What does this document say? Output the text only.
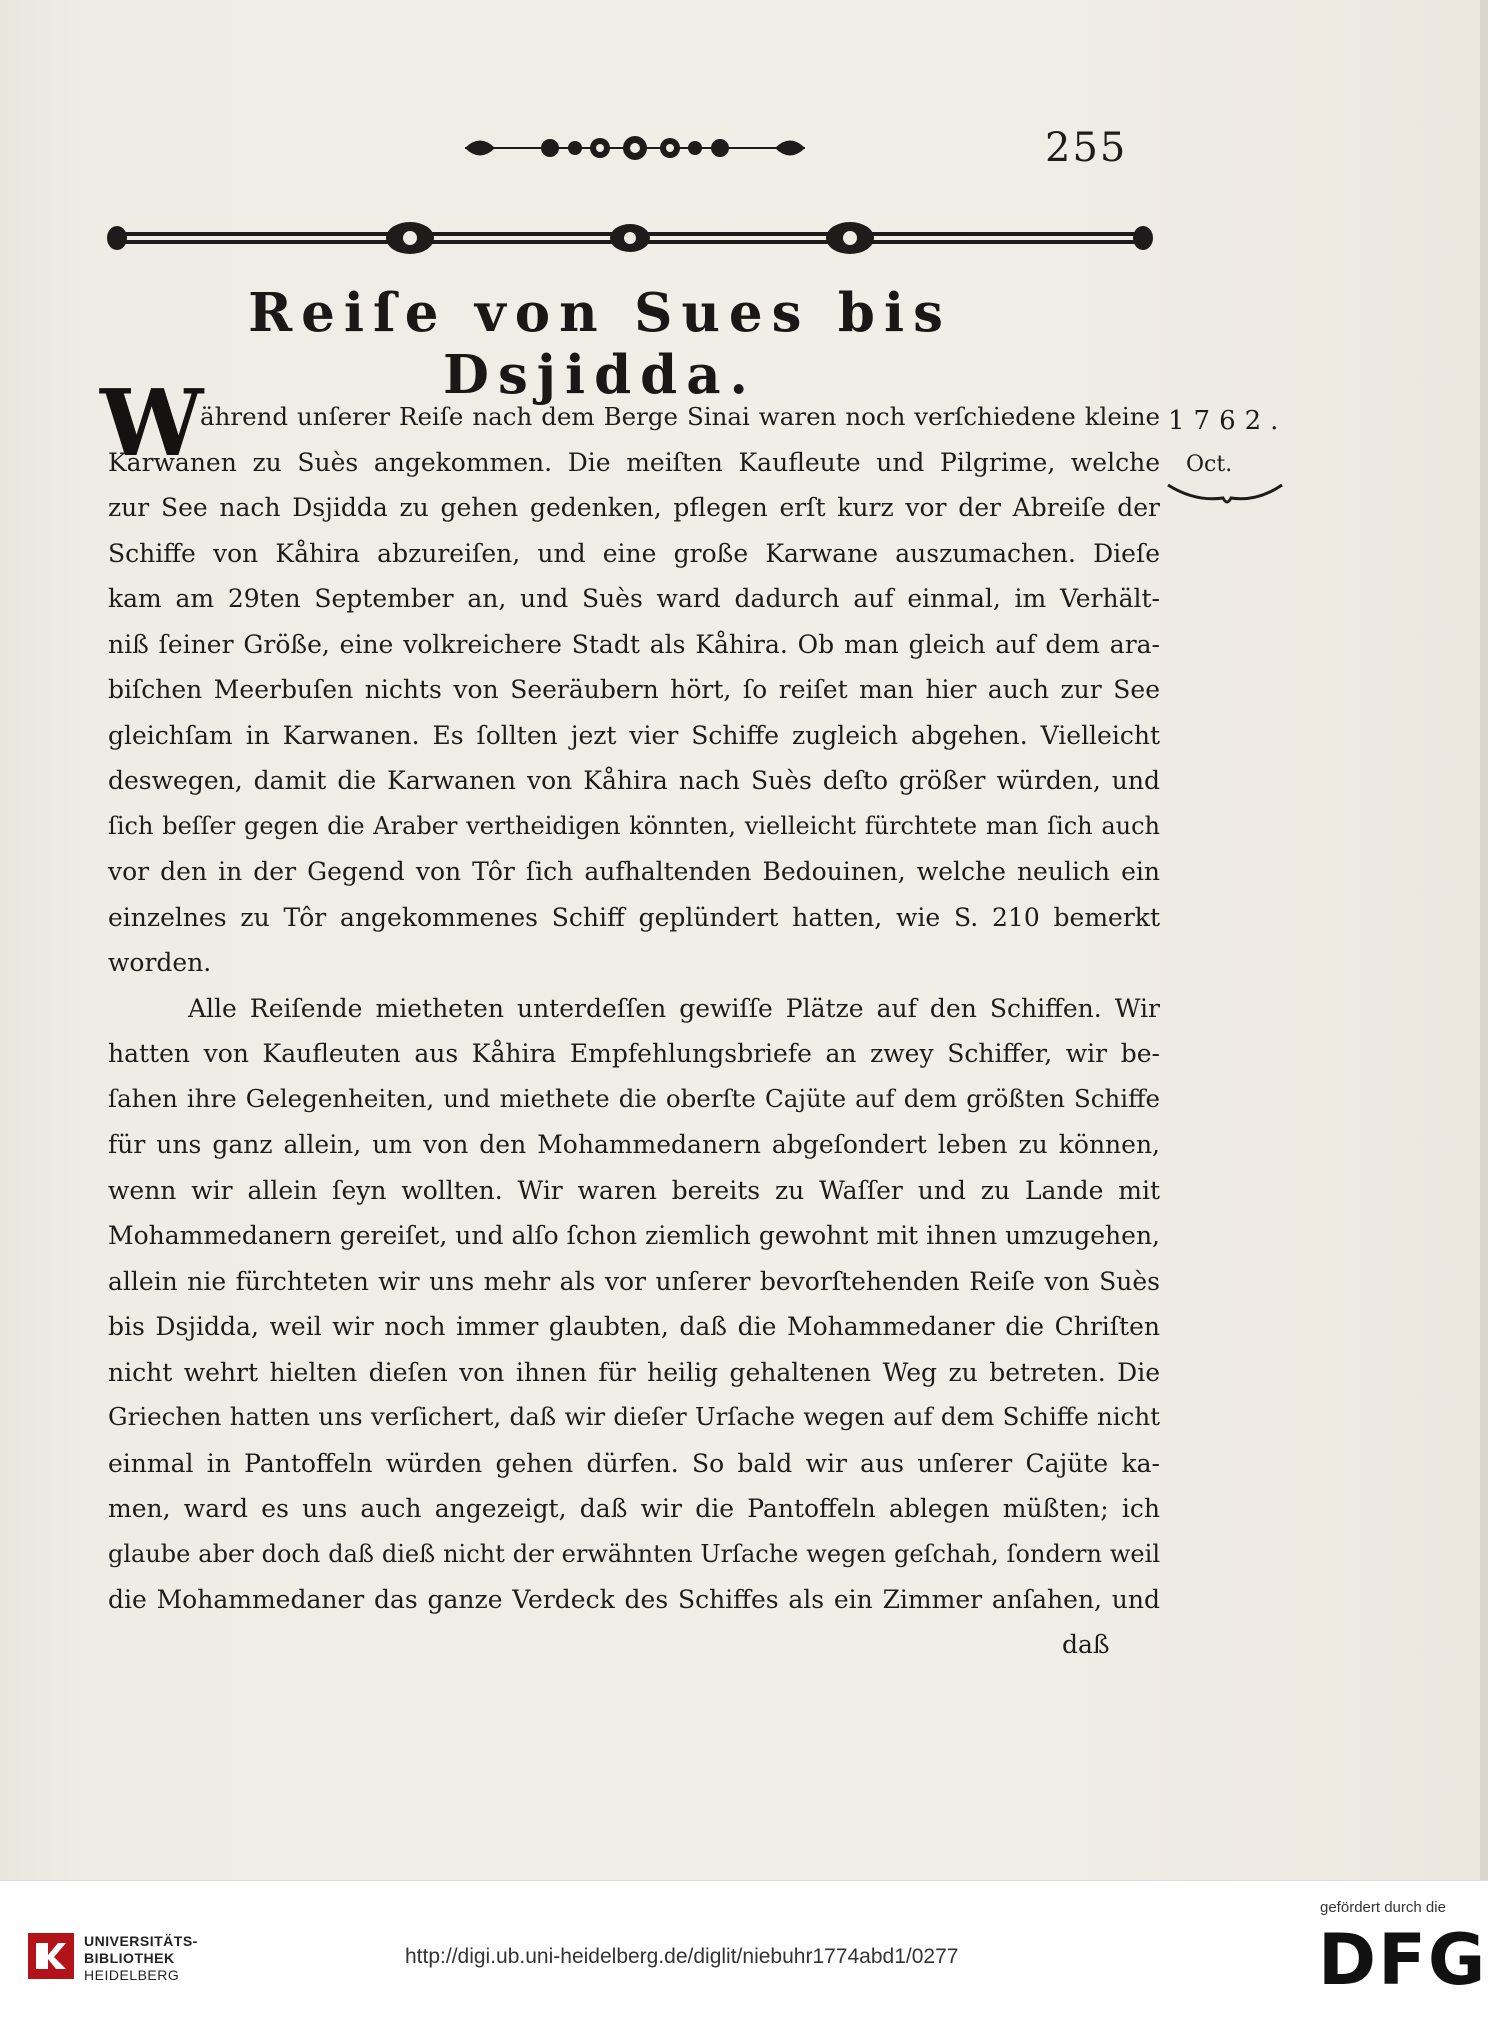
255
Reiſe von Sues bis Dsjidda.
1762.
Oct.
W
ährend unſerer Reiſe nach dem Berge Sinai waren noch verſchiedene kleine
Karwanen zu Suès angekommen. Die meiſten Kaufleute und Pilgrime, welche
zur See nach Dsjidda zu gehen gedenken, pflegen erſt kurz vor der Abreiſe der
Schiffe von Kåhira abzureiſen, und eine große Karwane auszumachen. Dieſe
kam am 29ten September an, und Suès ward dadurch auf einmal, im Verhält-
niß ſeiner Größe, eine volkreichere Stadt als Kåhira. Ob man gleich auf dem ara-
biſchen Meerbuſen nichts von Seeräubern hört, ſo reiſet man hier auch zur See
gleichſam in Karwanen. Es ſollten jezt vier Schiffe zugleich abgehen. Vielleicht
deswegen, damit die Karwanen von Kåhira nach Suès deſto größer würden, und
ſich beſſer gegen die Araber vertheidigen könnten, vielleicht fürchtete man ſich auch
vor den in der Gegend von Tôr ſich aufhaltenden Bedouinen, welche neulich ein
einzelnes zu Tôr angekommenes Schiff geplündert hatten, wie S. 210 bemerkt
worden.
Alle Reiſende mietheten unterdeſſen gewiſſe Plätze auf den Schiffen. Wir
hatten von Kaufleuten aus Kåhira Empfehlungsbriefe an zwey Schiffer, wir be-
ſahen ihre Gelegenheiten, und miethete die oberſte Cajüte auf dem größten Schiffe
für uns ganz allein, um von den Mohammedanern abgeſondert leben zu können,
wenn wir allein ſeyn wollten. Wir waren bereits zu Waſſer und zu Lande mit
Mohammedanern gereiſet, und alſo ſchon ziemlich gewohnt mit ihnen umzugehen,
allein nie fürchteten wir uns mehr als vor unſerer bevorſtehenden Reiſe von Suès
bis Dsjidda, weil wir noch immer glaubten, daß die Mohammedaner die Chriſten
nicht wehrt hielten dieſen von ihnen für heilig gehaltenen Weg zu betreten. Die
Griechen hatten uns verſichert, daß wir dieſer Urſache wegen auf dem Schiffe nicht
einmal in Pantoffeln würden gehen dürfen. So bald wir aus unſerer Cajüte ka-
men, ward es uns auch angezeigt, daß wir die Pantoffeln ablegen müßten; ich
glaube aber doch daß dieß nicht der erwähnten Urſache wegen geſchah, ſondern weil
die Mohammedaner das ganze Verdeck des Schiffes als ein Zimmer anſahen, und
daß
UNIVERSITÄTS-
BIBLIOTHEK
HEIDELBERG
http://digi.ub.uni-heidelberg.de/diglit/niebuhr1774abd1/0277
gefördert durch die
DFG
